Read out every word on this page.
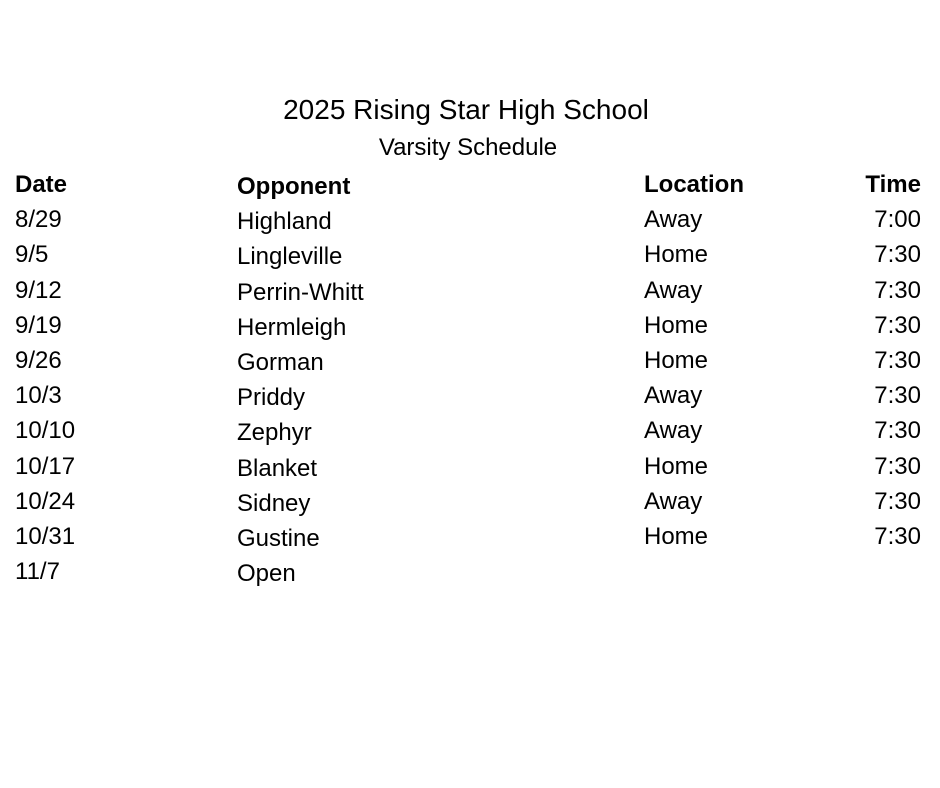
2025 Rising Star High School
Varsity Schedule
Date	Opponent	Location	Time
8/29	Highland	Away	7:00
9/5	Lingleville	Home	7:30
9/12	Perrin-Whitt	Away	7:30
9/19	Hermleigh	Home	7:30
9/26	Gorman	Home	7:30
10/3	Priddy	Away	7:30
10/10	Zephyr	Away	7:30
10/17	Blanket	Home	7:30
10/24	Sidney	Away	7:30
10/31	Gustine	Home	7:30
11/7	Open
